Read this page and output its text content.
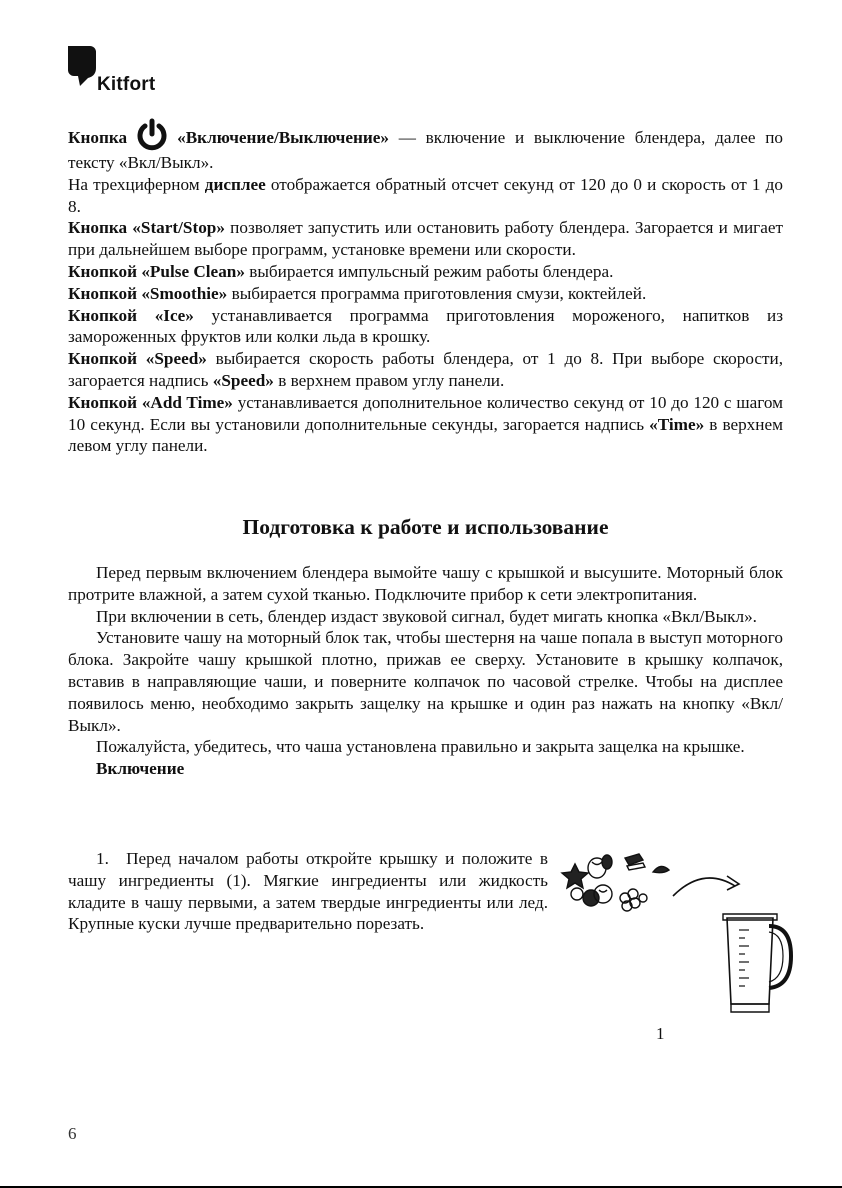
Kitfort

Кнопка	«Включение/Выключение» — включение и выключение блендера, далее по тексту «Вкл/Выкл».

На трехциферном дисплее отображается обратный отсчет секунд от 120 до 0 и скорость от 1 до 8.

Кнопка «Start/Stop» позволяет запустить или остановить работу блендера. Загорается и мигает при дальнейшем выборе программ, установке времени или скорости.

Кнопкой «Pulse Clean» выбирается импульсный режим работы блендера.

Кнопкой «Smoothie» выбирается программа приготовления смузи, коктейлей.

Кнопкой «Ice» устанавливается программа приготовления мороженого, напитков из замороженных фруктов или колки льда в крошку.

Кнопкой «Speed» выбирается скорость работы блендера, от 1 до 8. При выборе скорости, загорается надпись «Speed» в верхнем правом углу панели.

Кнопкой «Add Time» устанавливается дополнительное количество секунд от 10 до 120 с шагом 10 секунд. Если вы установили дополнительные секунды, загорается надпись «Time» в верхнем левом углу панели.

Подготовка к работе и использование

Перед первым включением блендера вымойте чашу с крышкой и высушите. Моторный блок протрите влажной, а затем сухой тканью. Подключите прибор к сети электропитания.

При включении в сеть, блендер издаст звуковой сигнал, будет мигать кнопка «Вкл/Выкл».

Установите чашу на моторный блок так, чтобы шестерня на чаше попала в выступ моторного блока. Закройте чашу крышкой плотно, прижав ее сверху. Установите в крышку колпачок, вставив в направляющие чаши, и поверните колпачок по часовой стрелке. Чтобы на дисплее появилось меню, необходимо закрыть защелку на крышке и один раз нажать на кнопку «Вкл/Выкл».

Пожалуйста, убедитесь, что чаша установлена правильно и закрыта защелка на крышке.

Включение

1. Перед началом работы откройте крышку и положите в чашу ингредиенты (1). Мягкие ингредиенты или жидкость кладите в чашу первыми, а затем твердые ингредиенты или лед. Крупные куски лучше предварительно порезать.

1
6
